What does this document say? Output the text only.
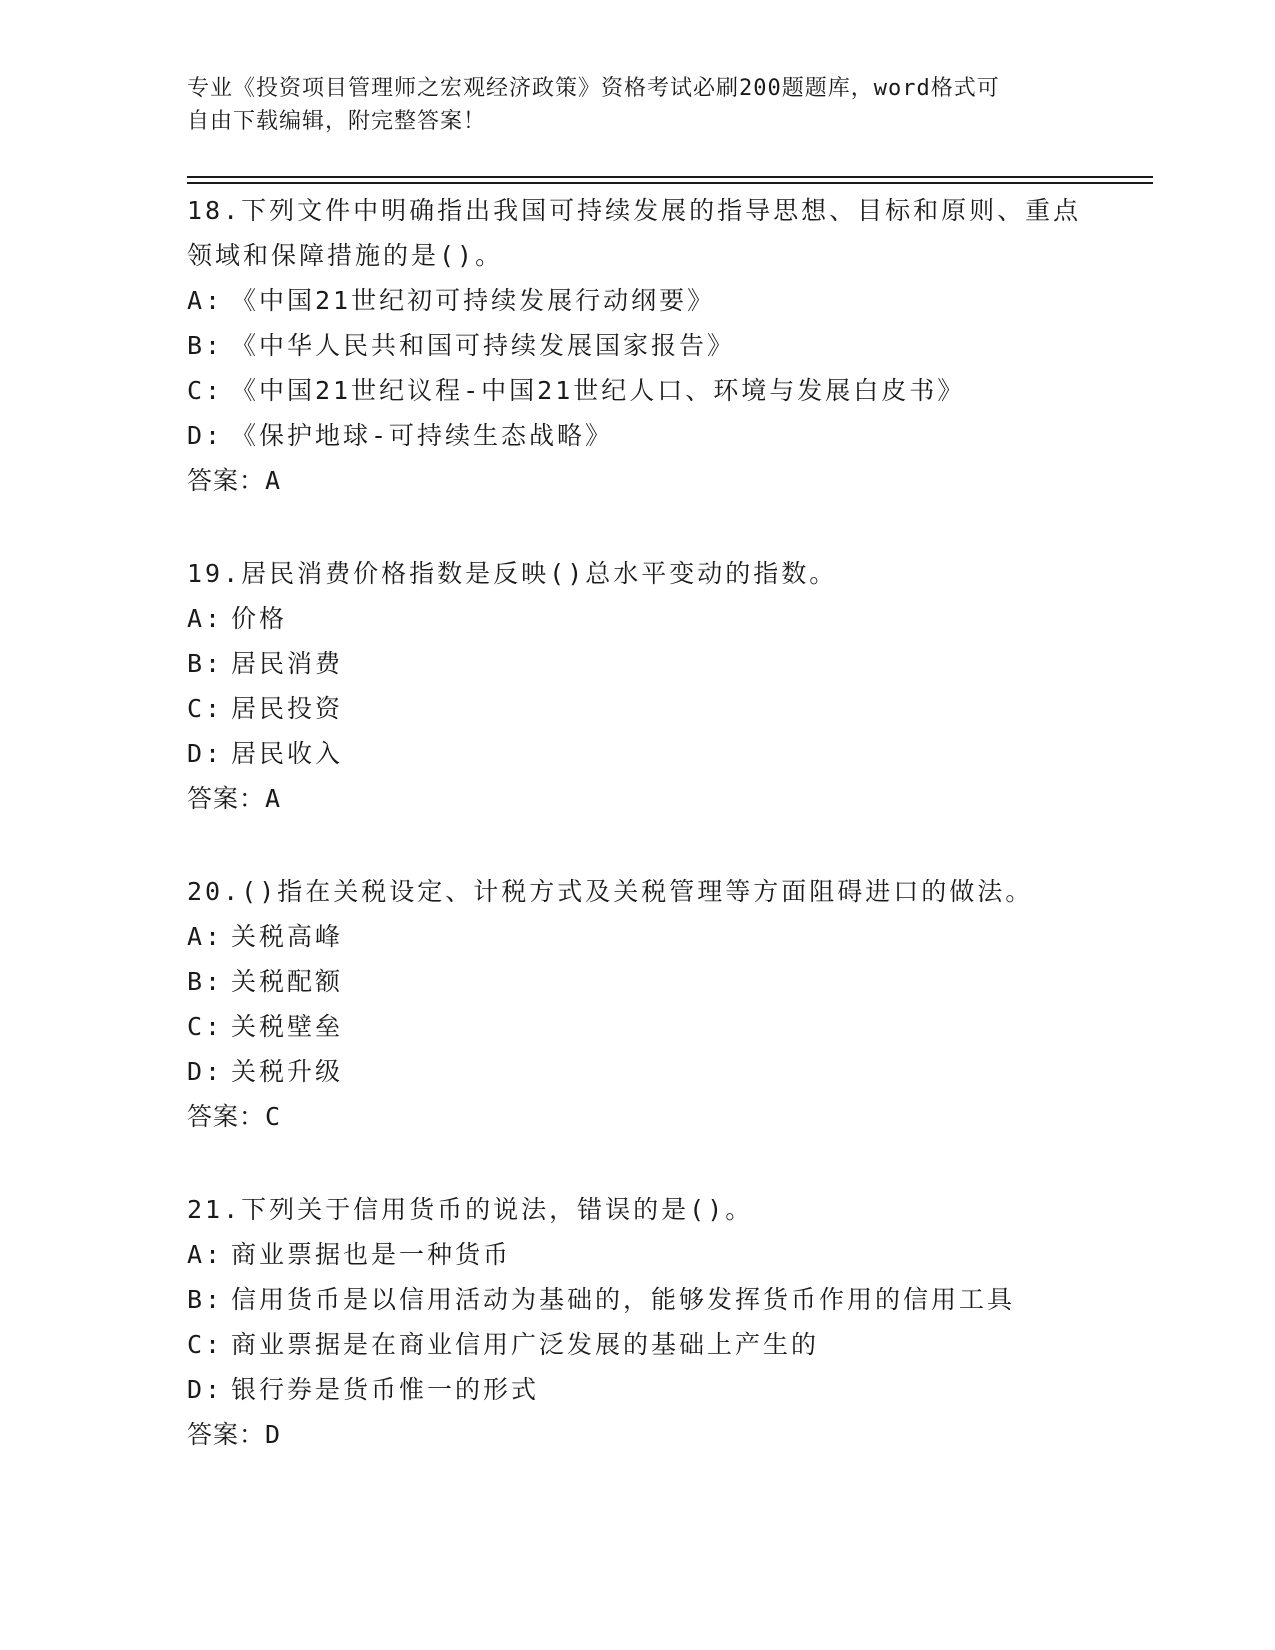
专业《投资项目管理师之宏观经济政策》资格考试必刷200题题库，word格式可
自由下载编辑，附完整答案！

18.下列文件中明确指出我国可持续发展的指导思想、目标和原则、重点领域和保障措施的是()。

A: 《中国21世纪初可持续发展行动纲要》
B: 《中华人民共和国可持续发展国家报告》
C: 《中国21世纪议程-中国21世纪人口、环境与发展白皮书》
D: 《保护地球-可持续生态战略》
答案：A

19.居民消费价格指数是反映()总水平变动的指数。

A: 价格
B: 居民消费
C: 居民投资
D: 居民收入
答案：A

20.()指在关税设定、计税方式及关税管理等方面阻碍进口的做法。

A: 关税高峰
B: 关税配额
C: 关税壁垒
D: 关税升级
答案：C

21.下列关于信用货币的说法，错误的是()。

A: 商业票据也是一种货币
B: 信用货币是以信用活动为基础的，能够发挥货币作用的信用工具
C: 商业票据是在商业信用广泛发展的基础上产生的
D: 银行券是货币惟一的形式
答案：D
